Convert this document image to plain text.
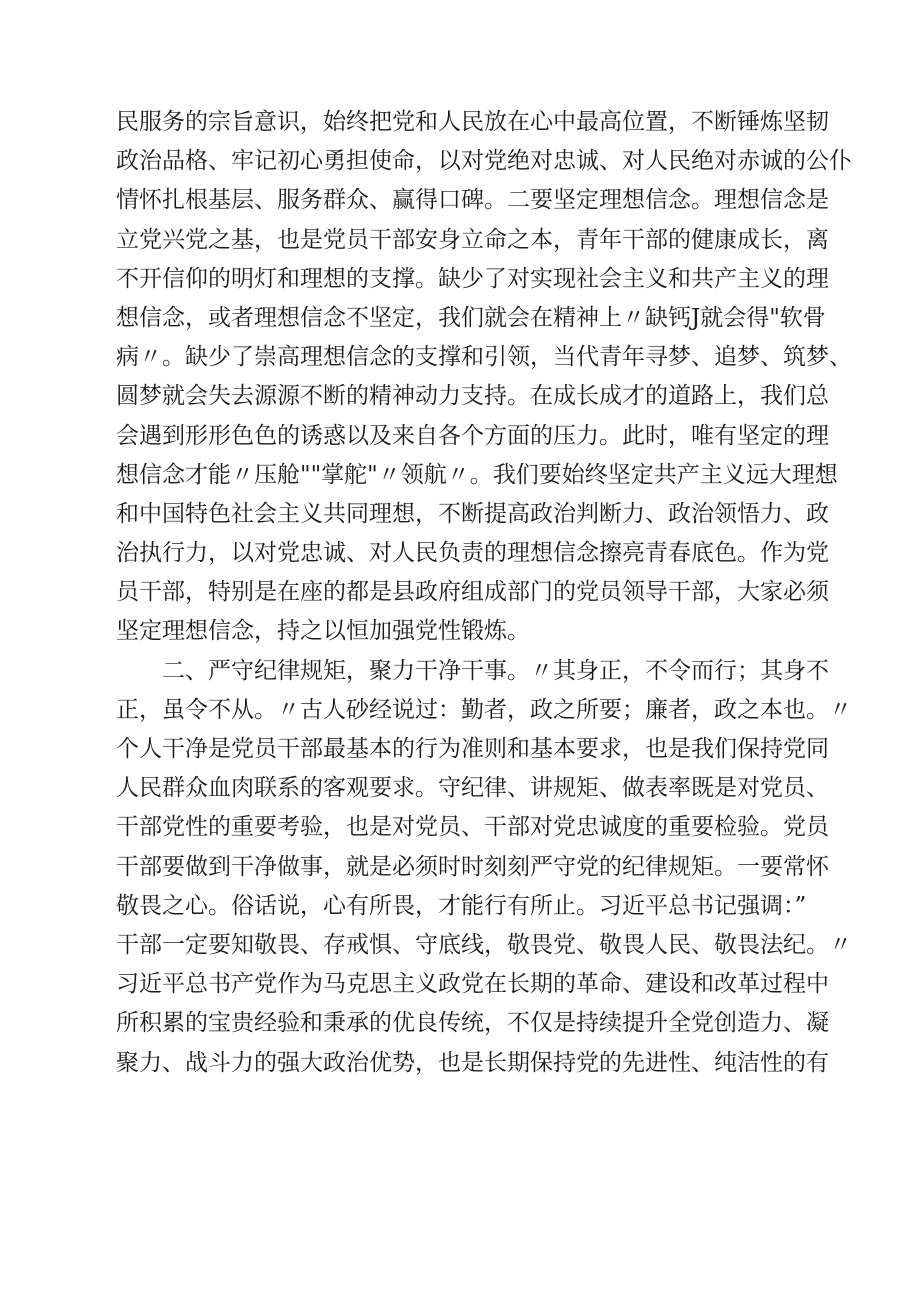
民服务的宗旨意识，始终把党和人民放在心中最高位置，不断锤炼坚韧
政治品格、牢记初心勇担使命，以对党绝对忠诚、对人民绝对赤诚的公仆
情怀扎根基层、服务群众、赢得口碑。二要坚定理想信念。理想信念是
立党兴党之基，也是党员干部安身立命之本，青年干部的健康成长，离
不开信仰的明灯和理想的支撑。缺少了对实现社会主义和共产主义的理
想信念，或者理想信念不坚定，我们就会在精神上〃缺钙J就会得"软骨
病〃。缺少了崇高理想信念的支撑和引领，当代青年寻梦、追梦、筑梦、
圆梦就会失去源源不断的精神动力支持。在成长成才的道路上，我们总
会遇到形形色色的诱惑以及来自各个方面的压力。此时，唯有坚定的理
想信念才能〃压舱""掌舵"〃领航〃。我们要始终坚定共产主义远大理想
和中国特色社会主义共同理想，不断提高政治判断力、政治领悟力、政
治执行力，以对党忠诚、对人民负责的理想信念擦亮青春底色。作为党
员干部，特别是在座的都是县政府组成部门的党员领导干部，大家必须
坚定理想信念，持之以恒加强党性锻炼。
二、严守纪律规矩，聚力干净干事。〃其身正，不令而行；其身不
正，虽令不从。〃古人砂经说过：勤者，政之所要；廉者，政之本也。〃
个人干净是党员干部最基本的行为准则和基本要求，也是我们保持党同
人民群众血肉联系的客观要求。守纪律、讲规矩、做表率既是对党员、
干部党性的重要考验，也是对党员、干部对党忠诚度的重要检验。党员
干部要做到干净做事，就是必须时时刻刻严守党的纪律规矩。一要常怀
敬畏之心。俗话说，心有所畏，才能行有所止。习近平总书记强调：”
干部一定要知敬畏、存戒惧、守底线，敬畏党、敬畏人民、敬畏法纪。〃
习近平总书产党作为马克思主义政党在长期的革命、建设和改革过程中
所积累的宝贵经验和秉承的优良传统，不仅是持续提升全党创造力、凝
聚力、战斗力的强大政治优势，也是长期保持党的先进性、纯洁性的有
